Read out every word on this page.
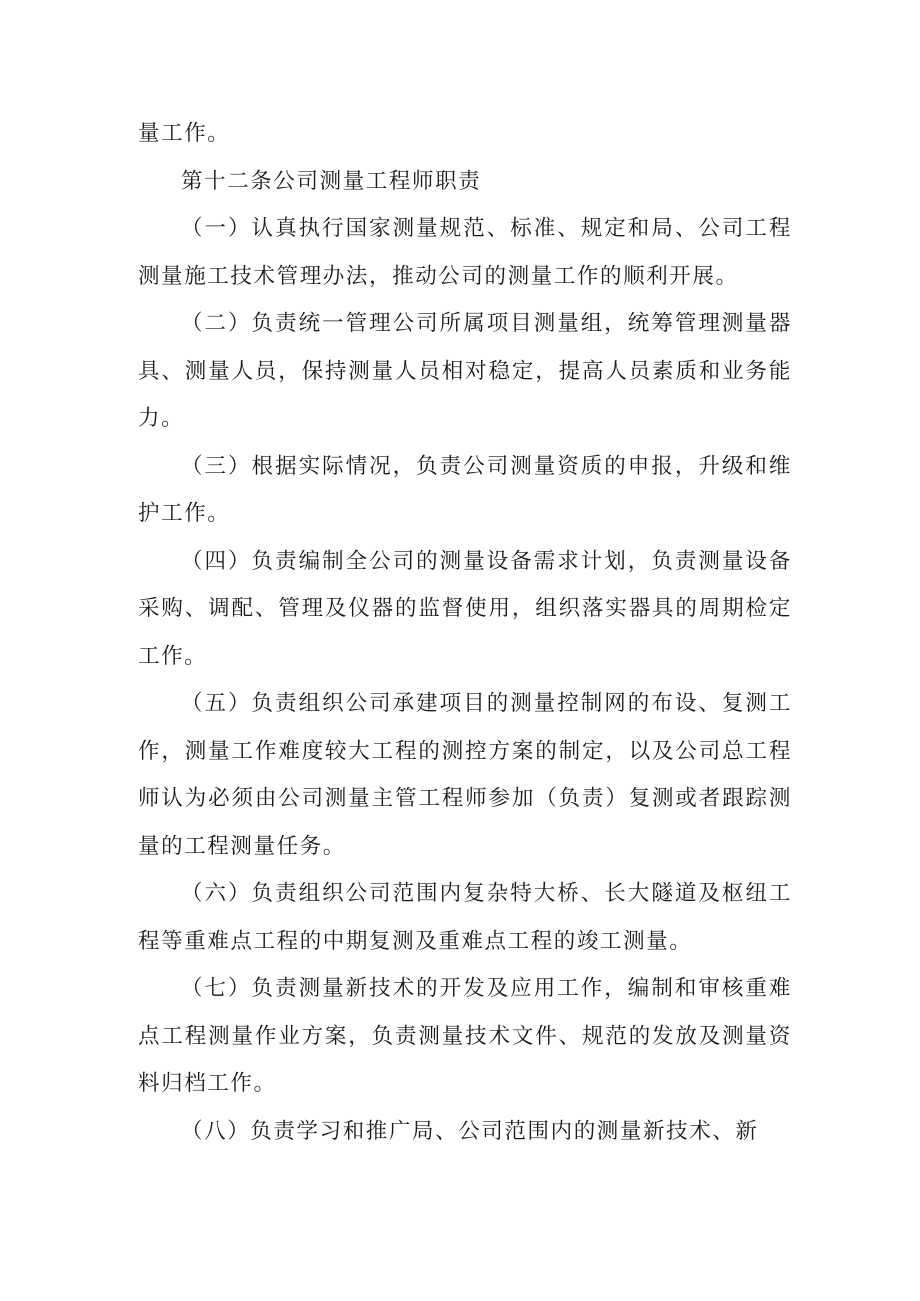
量工作。

第十二条公司测量工程师职责

（一）认真执行国家测量规范、标准、规定和局、公司工程测量施工技术管理办法，推动公司的测量工作的顺利开展。

（二）负责统一管理公司所属项目测量组，统筹管理测量器具、测量人员，保持测量人员相对稳定，提高人员素质和业务能力。

（三）根据实际情况，负责公司测量资质的申报，升级和维护工作。

（四）负责编制全公司的测量设备需求计划，负责测量设备采购、调配、管理及仪器的监督使用，组织落实器具的周期检定工作。

（五）负责组织公司承建项目的测量控制网的布设、复测工作，测量工作难度较大工程的测控方案的制定，以及公司总工程师认为必须由公司测量主管工程师参加（负责）复测或者跟踪测量的工程测量任务。

（六）负责组织公司范围内复杂特大桥、长大隧道及枢纽工程等重难点工程的中期复测及重难点工程的竣工测量。

（七）负责测量新技术的开发及应用工作，编制和审核重难点工程测量作业方案，负责测量技术文件、规范的发放及测量资料归档工作。

（八）负责学习和推广局、公司范围内的测量新技术、新
